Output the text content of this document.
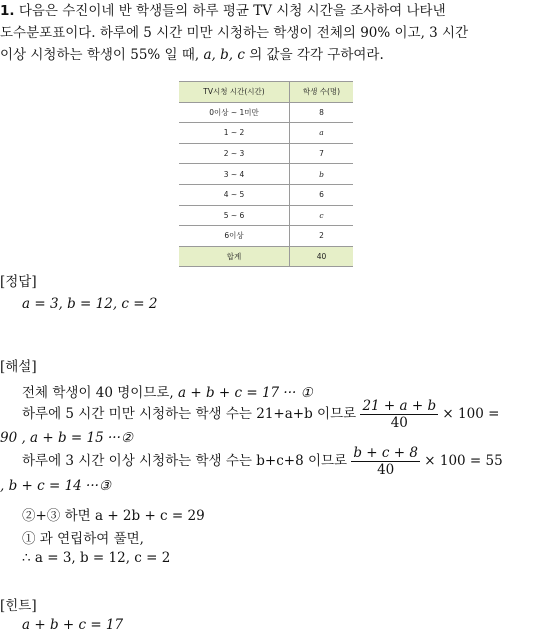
1. 다음은 수진이네 반 학생들의 하루 평균 TV 시청 시간을 조사하여 나타낸
도수분포표이다. 하루에 5 시간 미만 시청하는 학생이 전체의 90% 이고, 3 시간
이상 시청하는 학생이 55% 일 때, a, b, c 의 값을 각각 구하여라.
TV시청 시간(시간)	학생 수(명)
0이상 ~ 1미만	8
1 ~ 2	a
2 ~ 3	7
3 ~ 4	b
4 ~ 5	6
5 ~ 6	c
6이상	2
합계	40
[정답]
a = 3, b = 12, c = 2
[해설]
전체 학생이 40 명이므로, a + b + c = 17 ··· ①
하루에 5 시간 미만 시청하는 학생 수는 21+a+b 이므로 $\frac{21 + a + b}{40} \times 100$ =
90 , a + b = 15 ···②
하루에 3 시간 이상 시청하는 학생 수는 b+c+8 이므로 $\frac{b + c + 8}{40} \times 100 = 55$
, b + c = 14 ···③
②+③ 하면 a + 2b + c = 29
① 과 연립하여 풀면,
∴ a = 3, b = 12, c = 2
[힌트]
a + b + c = 17
